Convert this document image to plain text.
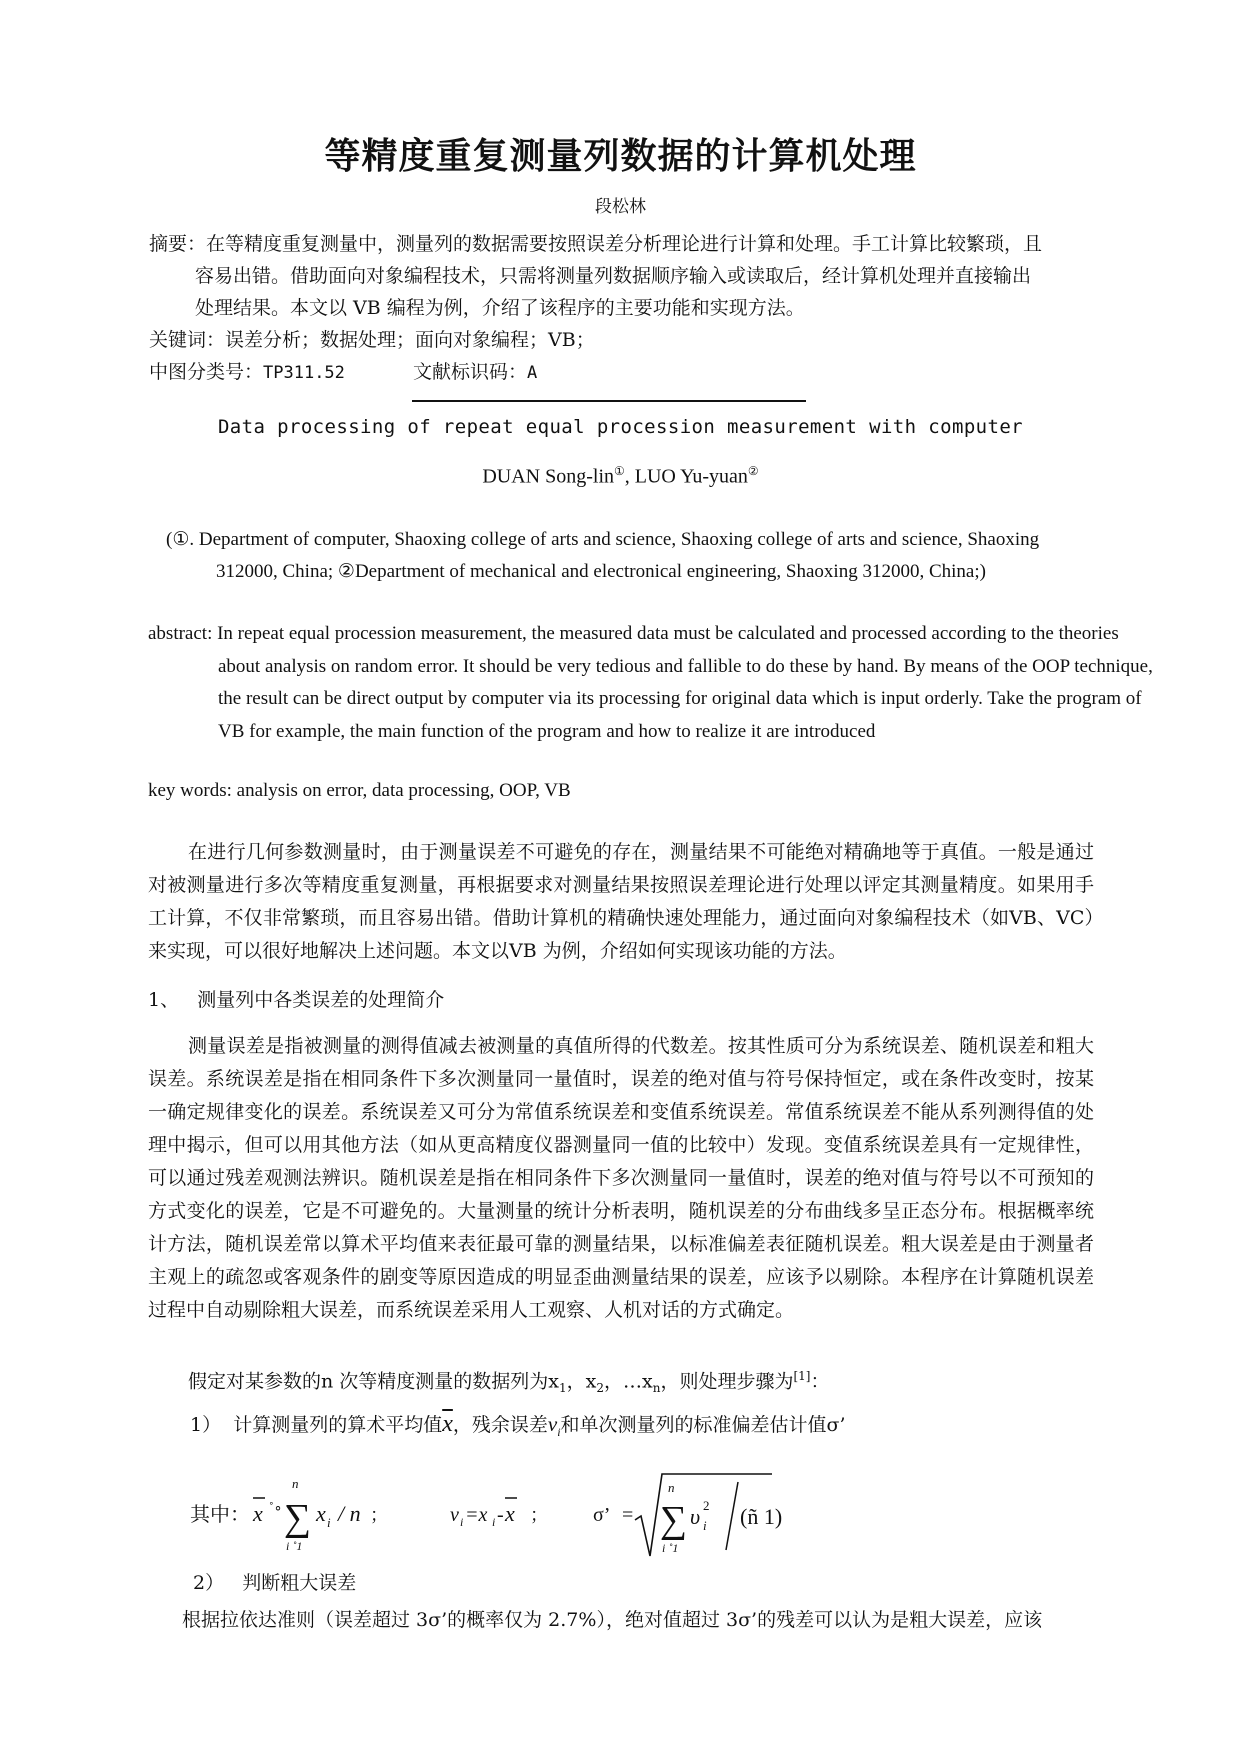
等精度重复测量列数据的计算机处理
段松林
摘要：在等精度重复测量中，测量列的数据需要按照误差分析理论进行计算和处理。手工计算比较繁琐，且
容易出错。借助面向对象编程技术，只需将测量列数据顺序输入或读取后，经计算机处理并直接输出
处理结果。本文以 VB 编程为例，介绍了该程序的主要功能和实现方法。
关键词：误差分析；数据处理；面向对象编程；VB；
中图分类号：TP311.52	文献标识码：A
Data processing of repeat equal procession measurement with computer
DUAN Song-lin①, LUO Yu-yuan②
(①. Department of computer, Shaoxing college of arts and science, Shaoxing college of arts and science, Shaoxing
312000, China; ②Department of mechanical and electronical engineering, Shaoxing 312000, China;)
abstract: In repeat equal procession measurement, the measured data must be calculated and processed according to the theories about analysis on random error. It should be very tedious and fallible to do these by hand. By means of the OOP technique, the result can be direct output by computer via its processing for original data which is input orderly. Take the program of VB for example, the main function of the program and how to realize it are introduced
key words: analysis on error, data processing, OOP, VB
在进行几何参数测量时，由于测量误差不可避免的存在，测量结果不可能绝对精确地等于真值。一般是通过对被测量进行多次等精度重复测量，再根据要求对测量结果按照误差理论进行处理以评定其测量精度。如果用手工计算，不仅非常繁琐，而且容易出错。借助计算机的精确快速处理能力，通过面向对象编程技术（如VB、VC）来实现，可以很好地解决上述问题。本文以VB 为例，介绍如何实现该功能的方法。
1、 测量列中各类误差的处理简介
测量误差是指被测量的测得值减去被测量的真值所得的代数差。按其性质可分为系统误差、随机误差和粗大误差。系统误差是指在相同条件下多次测量同一量值时，误差的绝对值与符号保持恒定，或在条件改变时，按某一确定规律变化的误差。系统误差又可分为常值系统误差和变值系统误差。常值系统误差不能从系列测得值的处理中揭示，但可以用其他方法（如从更高精度仪器测量同一值的比较中）发现。变值系统误差具有一定规律性，可以通过残差观测法辨识。随机误差是指在相同条件下多次测量同一量值时，误差的绝对值与符号以不可预知的方式变化的误差，它是不可避免的。大量测量的统计分析表明，随机误差的分布曲线多呈正态分布。根据概率统计方法，随机误差常以算术平均值来表征最可靠的测量结果，以标准偏差表征随机误差。粗大误差是由于测量者主观上的疏忽或客观条件的剧变等原因造成的明显歪曲测量结果的误差，应该予以剔除。本程序在计算随机误差过程中自动剔除粗大误差，而系统误差采用人工观察、人机对话的方式确定。
假定对某参数的n 次等精度测量的数据列为$x_1$，$x_2$，$\dots x_n$，则处理步骤为[1]：
1） 计算测量列的算术平均值$\overline{x}$，残余误差$\nu_i$和单次测量列的标准偏差估计值σ’
其中： x ˚∘
n
∑
i ˚1
x i / n ；	ν i =x i - x ； σ’ =
n
∑
i ˚1
υ 2
i (ñ 1)
2） 判断粗大误差
根据拉依达准则（误差超过 3σ’的概率仅为 2.7%），绝对值超过 3σ’的残差可以认为是粗大误差，应该
